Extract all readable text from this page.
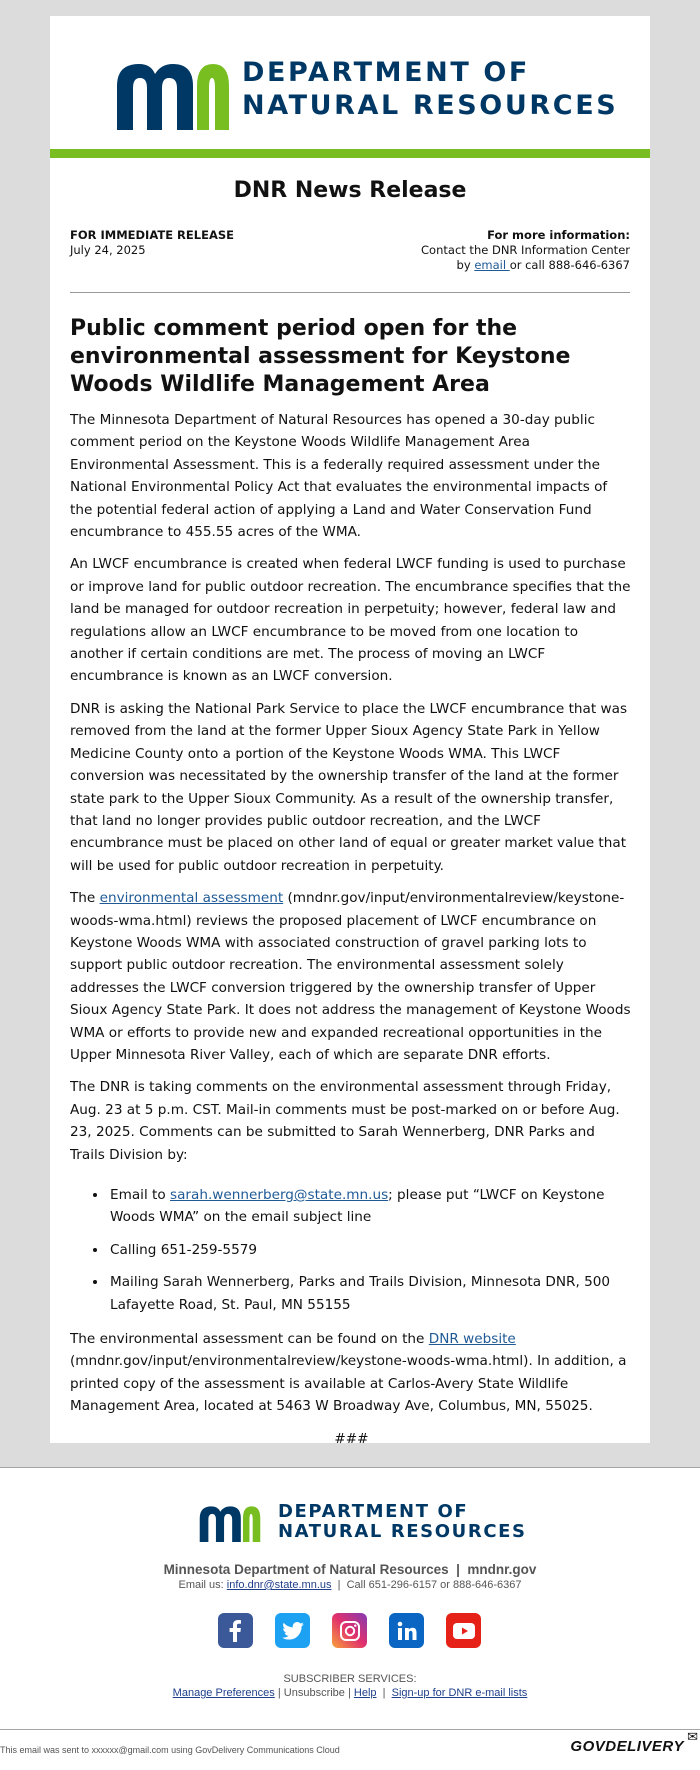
DEPARTMENT OF
NATURAL RESOURCES
DNR News Release
FOR IMMEDIATE RELEASE
July 24, 2025
For more information:
Contact the DNR Information Center
by email or call 888-646-6367
Public comment period open for the environmental assessment for Keystone Woods Wildlife Management Area

The Minnesota Department of Natural Resources has opened a 30-day public comment period on the Keystone Woods Wildlife Management Area Environmental Assessment. This is a federally required assessment under the National Environmental Policy Act that evaluates the environmental impacts of the potential federal action of applying a Land and Water Conservation Fund encumbrance to 455.55 acres of the WMA.

An LWCF encumbrance is created when federal LWCF funding is used to purchase or improve land for public outdoor recreation. The encumbrance specifies that the land be managed for outdoor recreation in perpetuity; however, federal law and regulations allow an LWCF encumbrance to be moved from one location to another if certain conditions are met. The process of moving an LWCF encumbrance is known as an LWCF conversion.

DNR is asking the National Park Service to place the LWCF encumbrance that was removed from the land at the former Upper Sioux Agency State Park in Yellow Medicine County onto a portion of the Keystone Woods WMA. This LWCF conversion was necessitated by the ownership transfer of the land at the former state park to the Upper Sioux Community. As a result of the ownership transfer, that land no longer provides public outdoor recreation, and the LWCF encumbrance must be placed on other land of equal or greater market value that will be used for public outdoor recreation in perpetuity.

The environmental assessment (mndnr.gov/input/environmentalreview/keystone-woods-wma.html) reviews the proposed placement of LWCF encumbrance on Keystone Woods WMA with associated construction of gravel parking lots to support public outdoor recreation. The environmental assessment solely addresses the LWCF conversion triggered by the ownership transfer of Upper Sioux Agency State Park. It does not address the management of Keystone Woods WMA or efforts to provide new and expanded recreational opportunities in the Upper Minnesota River Valley, each of which are separate DNR efforts.

The DNR is taking comments on the environmental assessment through Friday, Aug. 23 at 5 p.m. CST. Mail-in comments must be post-marked on or before Aug. 23, 2025. Comments can be submitted to Sarah Wennerberg, DNR Parks and Trails Division by:

• Email to sarah.wennerberg@state.mn.us; please put “LWCF on Keystone Woods WMA” on the email subject line
• Calling 651-259-5579
• Mailing Sarah Wennerberg, Parks and Trails Division, Minnesota DNR, 500 Lafayette Road, St. Paul, MN 55155

The environmental assessment can be found on the DNR website (mndnr.gov/input/environmentalreview/keystone-woods-wma.html). In addition, a printed copy of the assessment is available at Carlos-Avery State Wildlife Management Area, located at 5463 W Broadway Ave, Columbus, MN, 55025.

###
DEPARTMENT OF
NATURAL RESOURCES
Minnesota Department of Natural Resources  |  mndnr.gov
Email us: info.dnr@state.mn.us  |  Call 651-296-6157 or 888-646-6367
SUBSCRIBER SERVICES:
Manage Preferences | Unsubscribe | Help  |  Sign-up for DNR e-mail lists
This email was sent to xxxxxx@gmail.com using GovDelivery Communications Cloud	GOVDELIVERY
✉
